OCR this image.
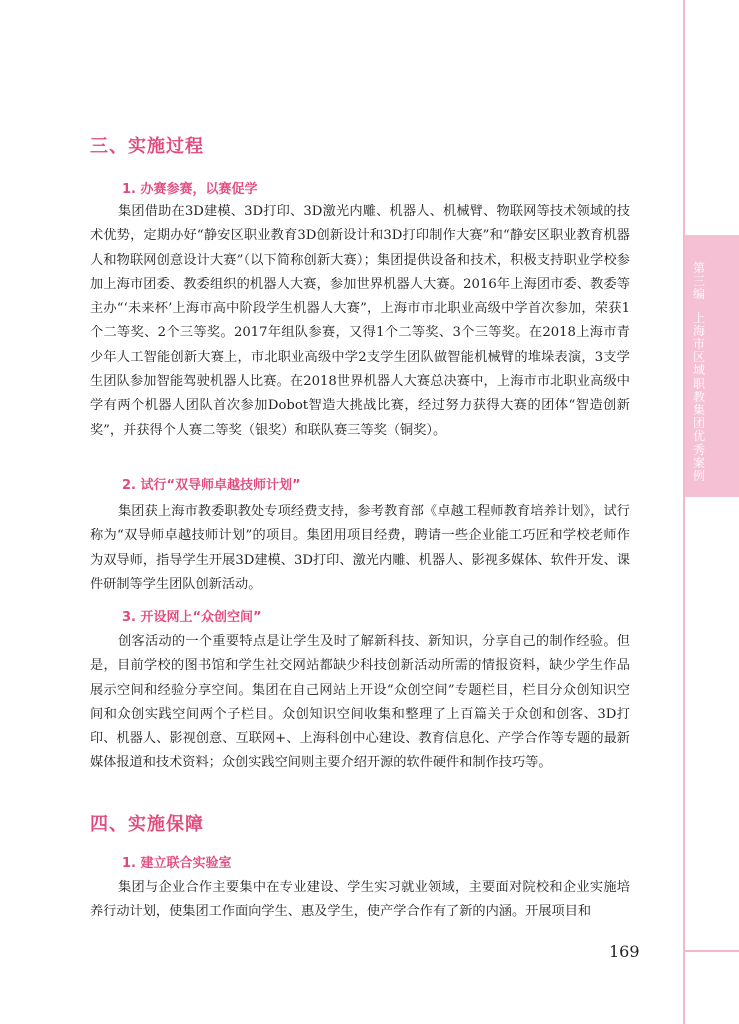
第三编
上海市区域职教集团优秀案例
三、实施过程
1. 办赛参赛，以赛促学

集团借助在3D建模、3D打印、3D激光内雕、机器人、机械臂、物联网等技术领域的技术优势，定期办好“静安区职业教育3D创新设计和3D打印制作大赛”和“静安区职业教育机器人和物联网创意设计大赛”（以下简称创新大赛）；集团提供设备和技术，积极支持职业学校参加上海市团委、教委组织的机器人大赛，参加世界机器人大赛。2016年上海团市委、教委等主办“‘未来杯’上海市高中阶段学生机器人大赛”，上海市市北职业高级中学首次参加，荣获1个二等奖、2个三等奖。2017年组队参赛，又得1个二等奖、3个三等奖。在2018上海市青少年人工智能创新大赛上，市北职业高级中学2支学生团队做智能机械臂的堆垛表演，3支学生团队参加智能驾驶机器人比赛。在2018世界机器人大赛总决赛中，上海市市北职业高级中学有两个机器人团队首次参加Dobot智造大挑战比赛，经过努力获得大赛的团体“智造创新奖”，并获得个人赛二等奖（银奖）和联队赛三等奖（铜奖）。

2. 试行“双导师卓越技师计划”

集团获上海市教委职教处专项经费支持，参考教育部《卓越工程师教育培养计划》，试行称为“双导师卓越技师计划”的项目。集团用项目经费，聘请一些企业能工巧匠和学校老师作为双导师，指导学生开展3D建模、3D打印、激光内雕、机器人、影视多媒体、软件开发、课件研制等学生团队创新活动。

3. 开设网上“众创空间”

创客活动的一个重要特点是让学生及时了解新科技、新知识，分享自己的制作经验。但是，目前学校的图书馆和学生社交网站都缺少科技创新活动所需的情报资料，缺少学生作品展示空间和经验分享空间。集团在自己网站上开设“众创空间”专题栏目，栏目分众创知识空间和众创实践空间两个子栏目。众创知识空间收集和整理了上百篇关于众创和创客、3D打印、机器人、影视创意、互联网+、上海科创中心建设、教育信息化、产学合作等专题的最新媒体报道和技术资料；众创实践空间则主要介绍开源的软件硬件和制作技巧等。

四、实施保障
1. 建立联合实验室

集团与企业合作主要集中在专业建设、学生实习就业领域，主要面对院校和企业实施培养行动计划，使集团工作面向学生、惠及学生，使产学合作有了新的内涵。开展项目和

169
